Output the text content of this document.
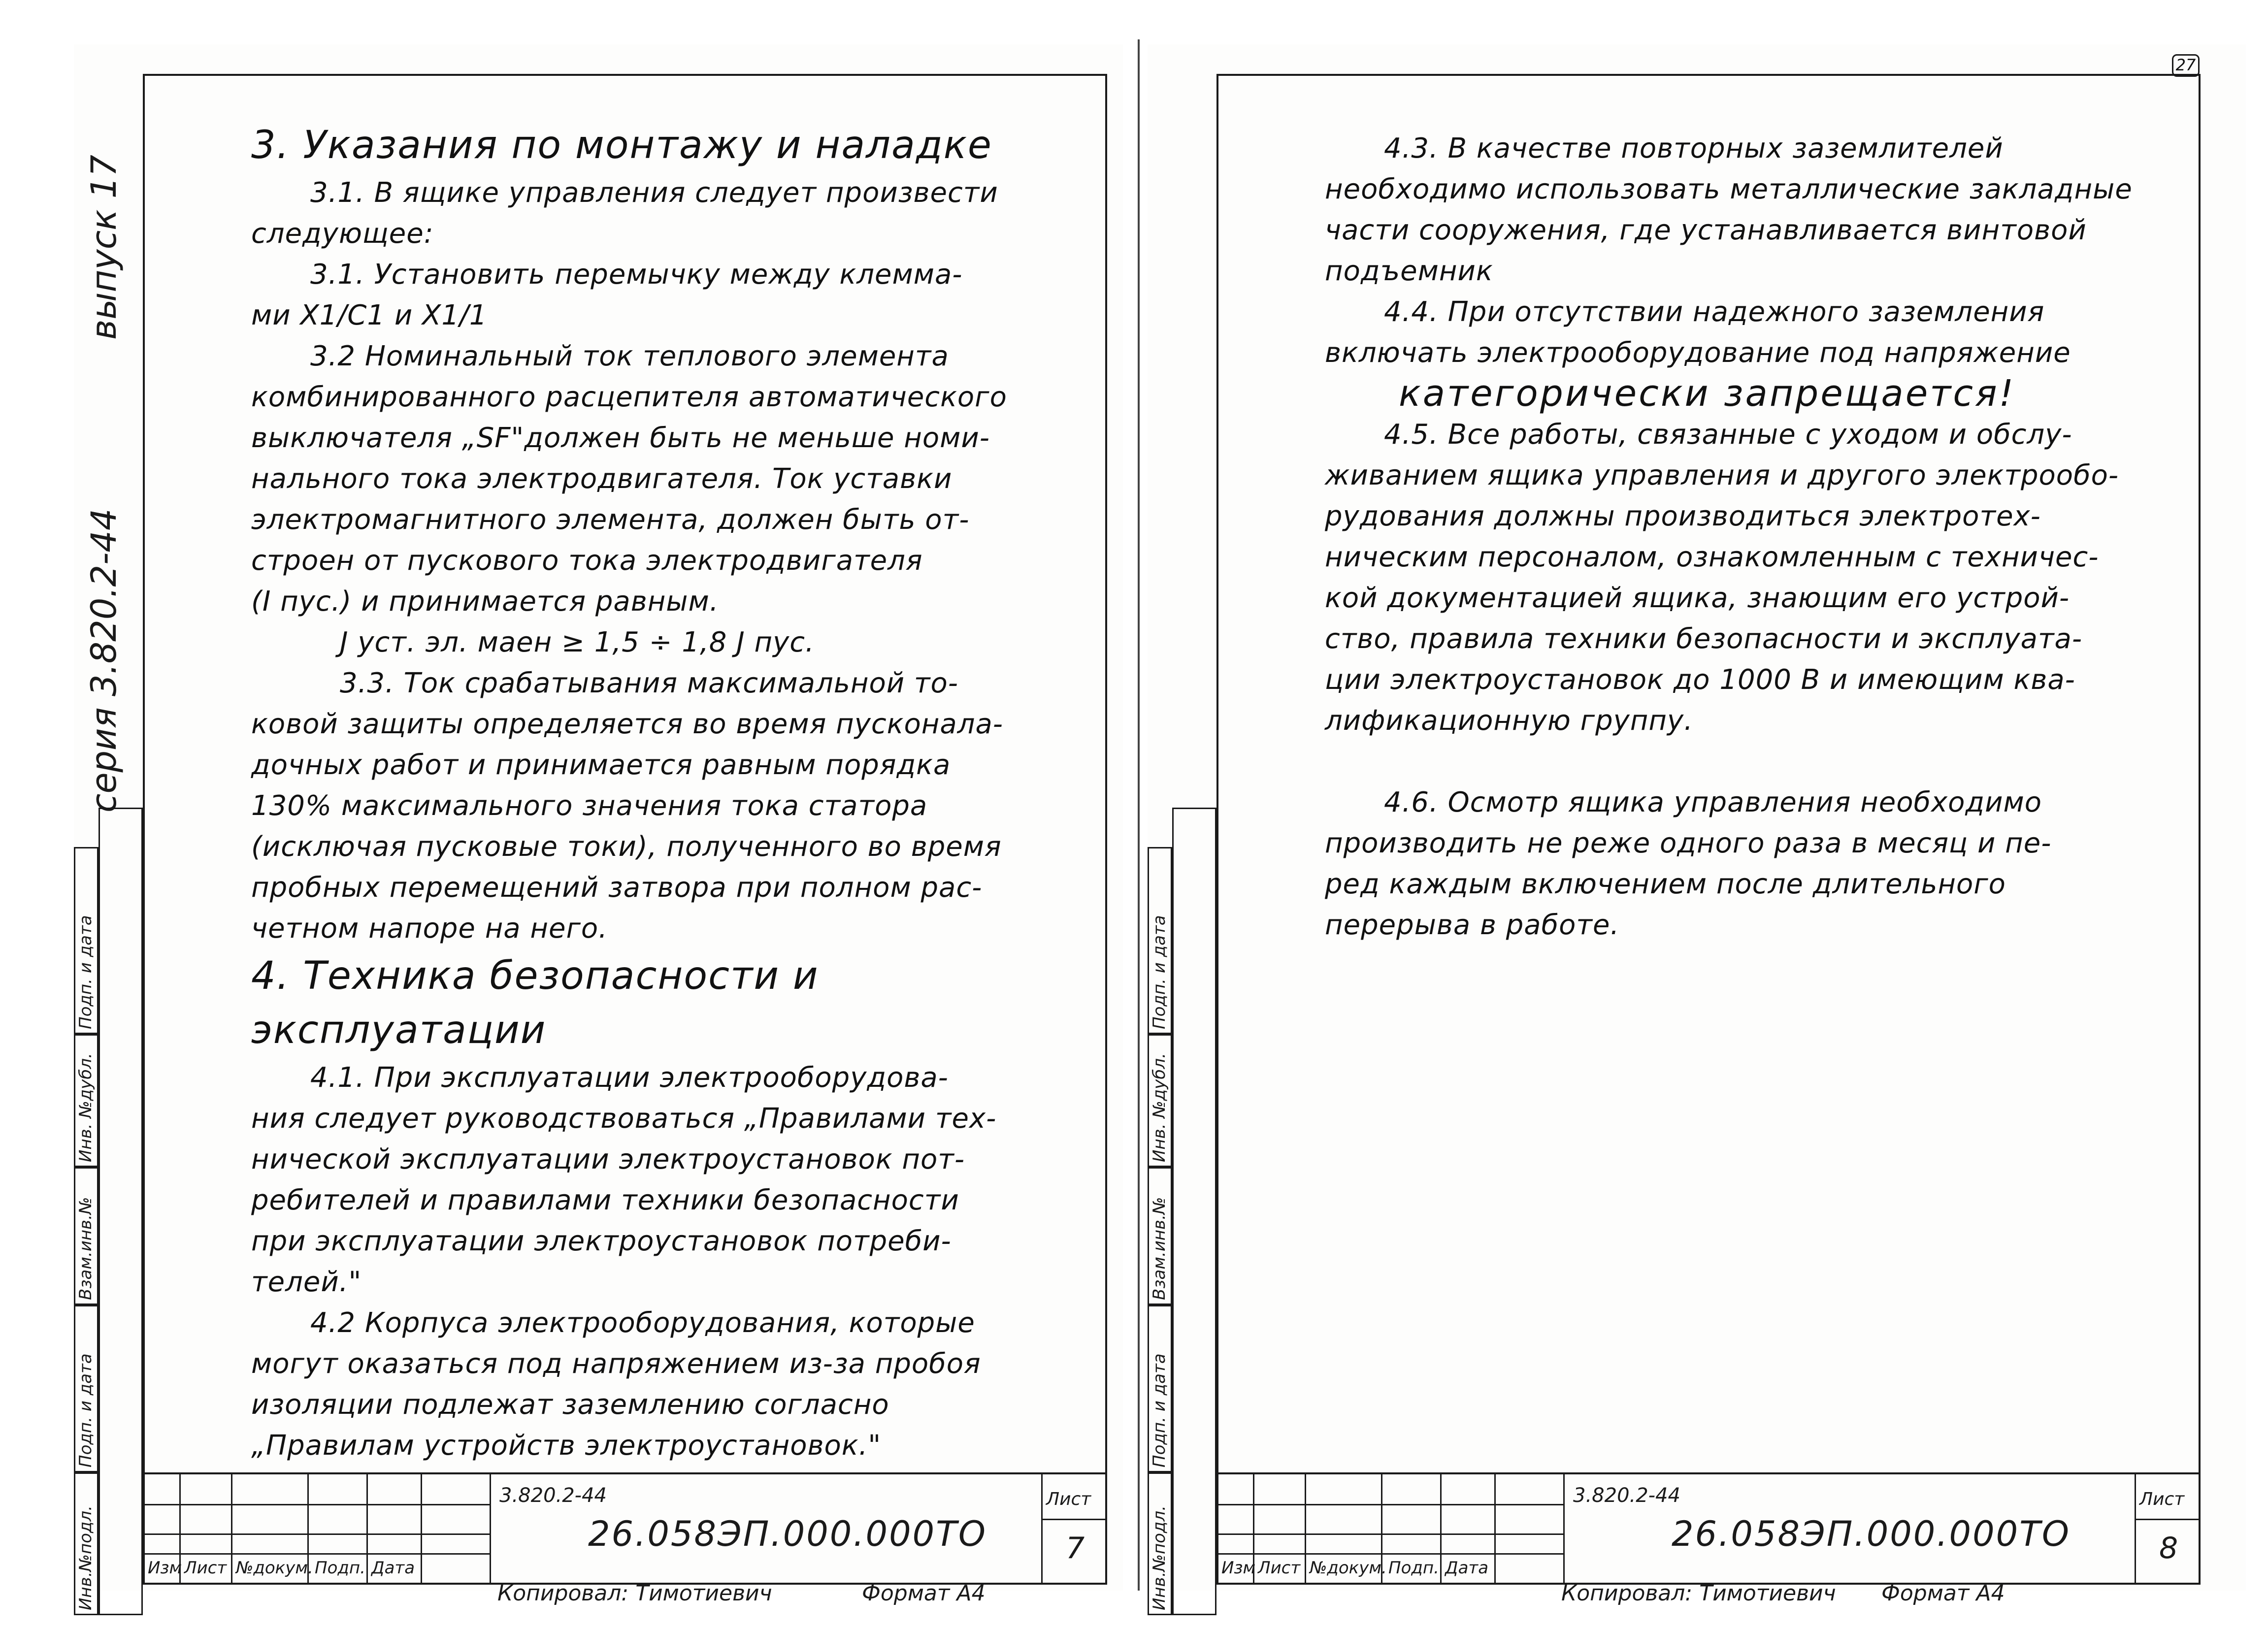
серия 3.820.2-44
выпуск 17
Инв.№подл.
Подп. и дата
Взам.инв.№
Инв. №дубл.
Подп. и дата

3. Указания по монтажу и наладке

3.1. В ящике управления следует произвести

следующее:

3.1. Установить перемычку между клемма-

ми X1/C1 и X1/1

3.2 Номинальный ток теплового элемента

комбинированного расцепителя автоматического

выключателя „SF"должен быть не меньше номи-

нального тока электродвигателя. Ток уставки

электромагнитного элемента, должен быть от-

строен от пускового тока электродвигателя

(I пус.) и принимается равным.

J уст. эл. маен ≥ 1,5 ÷ 1,8 J пус.

3.3. Ток срабатывания максимальной то-

ковой защиты определяется во время пусконала-

дочных работ и принимается равным порядка

130% максимального значения тока статора

(исключая пусковые токи), полученного во время

пробных перемещений затвора при полном рас-

четном напоре на него.

4. Техника безопасности и эксплуатации

4.1. При эксплуатации электрооборудова-

ния следует руководствоваться „Правилами тех-

нической эксплуатации электроустановок пот-

ребителей и правилами техники безопасности

при эксплуатации электроустановок потреби-

телей."

4.2 Корпуса электрооборудования, которые

могут оказаться под напряжением из-за пробоя

изоляции подлежат заземлению согласно

„Правилам устройств электроустановок."

Изм Лист №докум. Подп. Дата
3.820.2-44
26.058ЭП.000.000ТО
Лист
7
Копировал: Тимотиевич	Формат А4	Инв.№подл.
Подп. и дата
Взам.инв.№
Инв. №дубл.
Подп. и дата
27

4.3. В качестве повторных заземлителей

необходимо использовать металлические закладные

части сооружения, где устанавливается винтовой

подъемник

4.4. При отсутствии надежного заземления

включать электрооборудование под напряжение

категорически запрещается!

4.5. Все работы, связанные с уходом и обслу-

живанием ящика управления и другого электрообо-

рудования должны производиться электротех-

ническим персоналом, ознакомленным с техничес-

кой документацией ящика, знающим его устрой-

ство, правила техники безопасности и эксплуата-

ции электроустановок до 1000 В и имеющим ква-

лификационную группу.

4.6. Осмотр ящика управления необходимо

производить не реже одного раза в месяц и пе-

ред каждым включением после длительного

перерыва в работе.

Изм Лист №докум. Подп. Дата
3.820.2-44
26.058ЭП.000.000ТО
Лист
8
Копировал: Тимотиевич Формат А4
